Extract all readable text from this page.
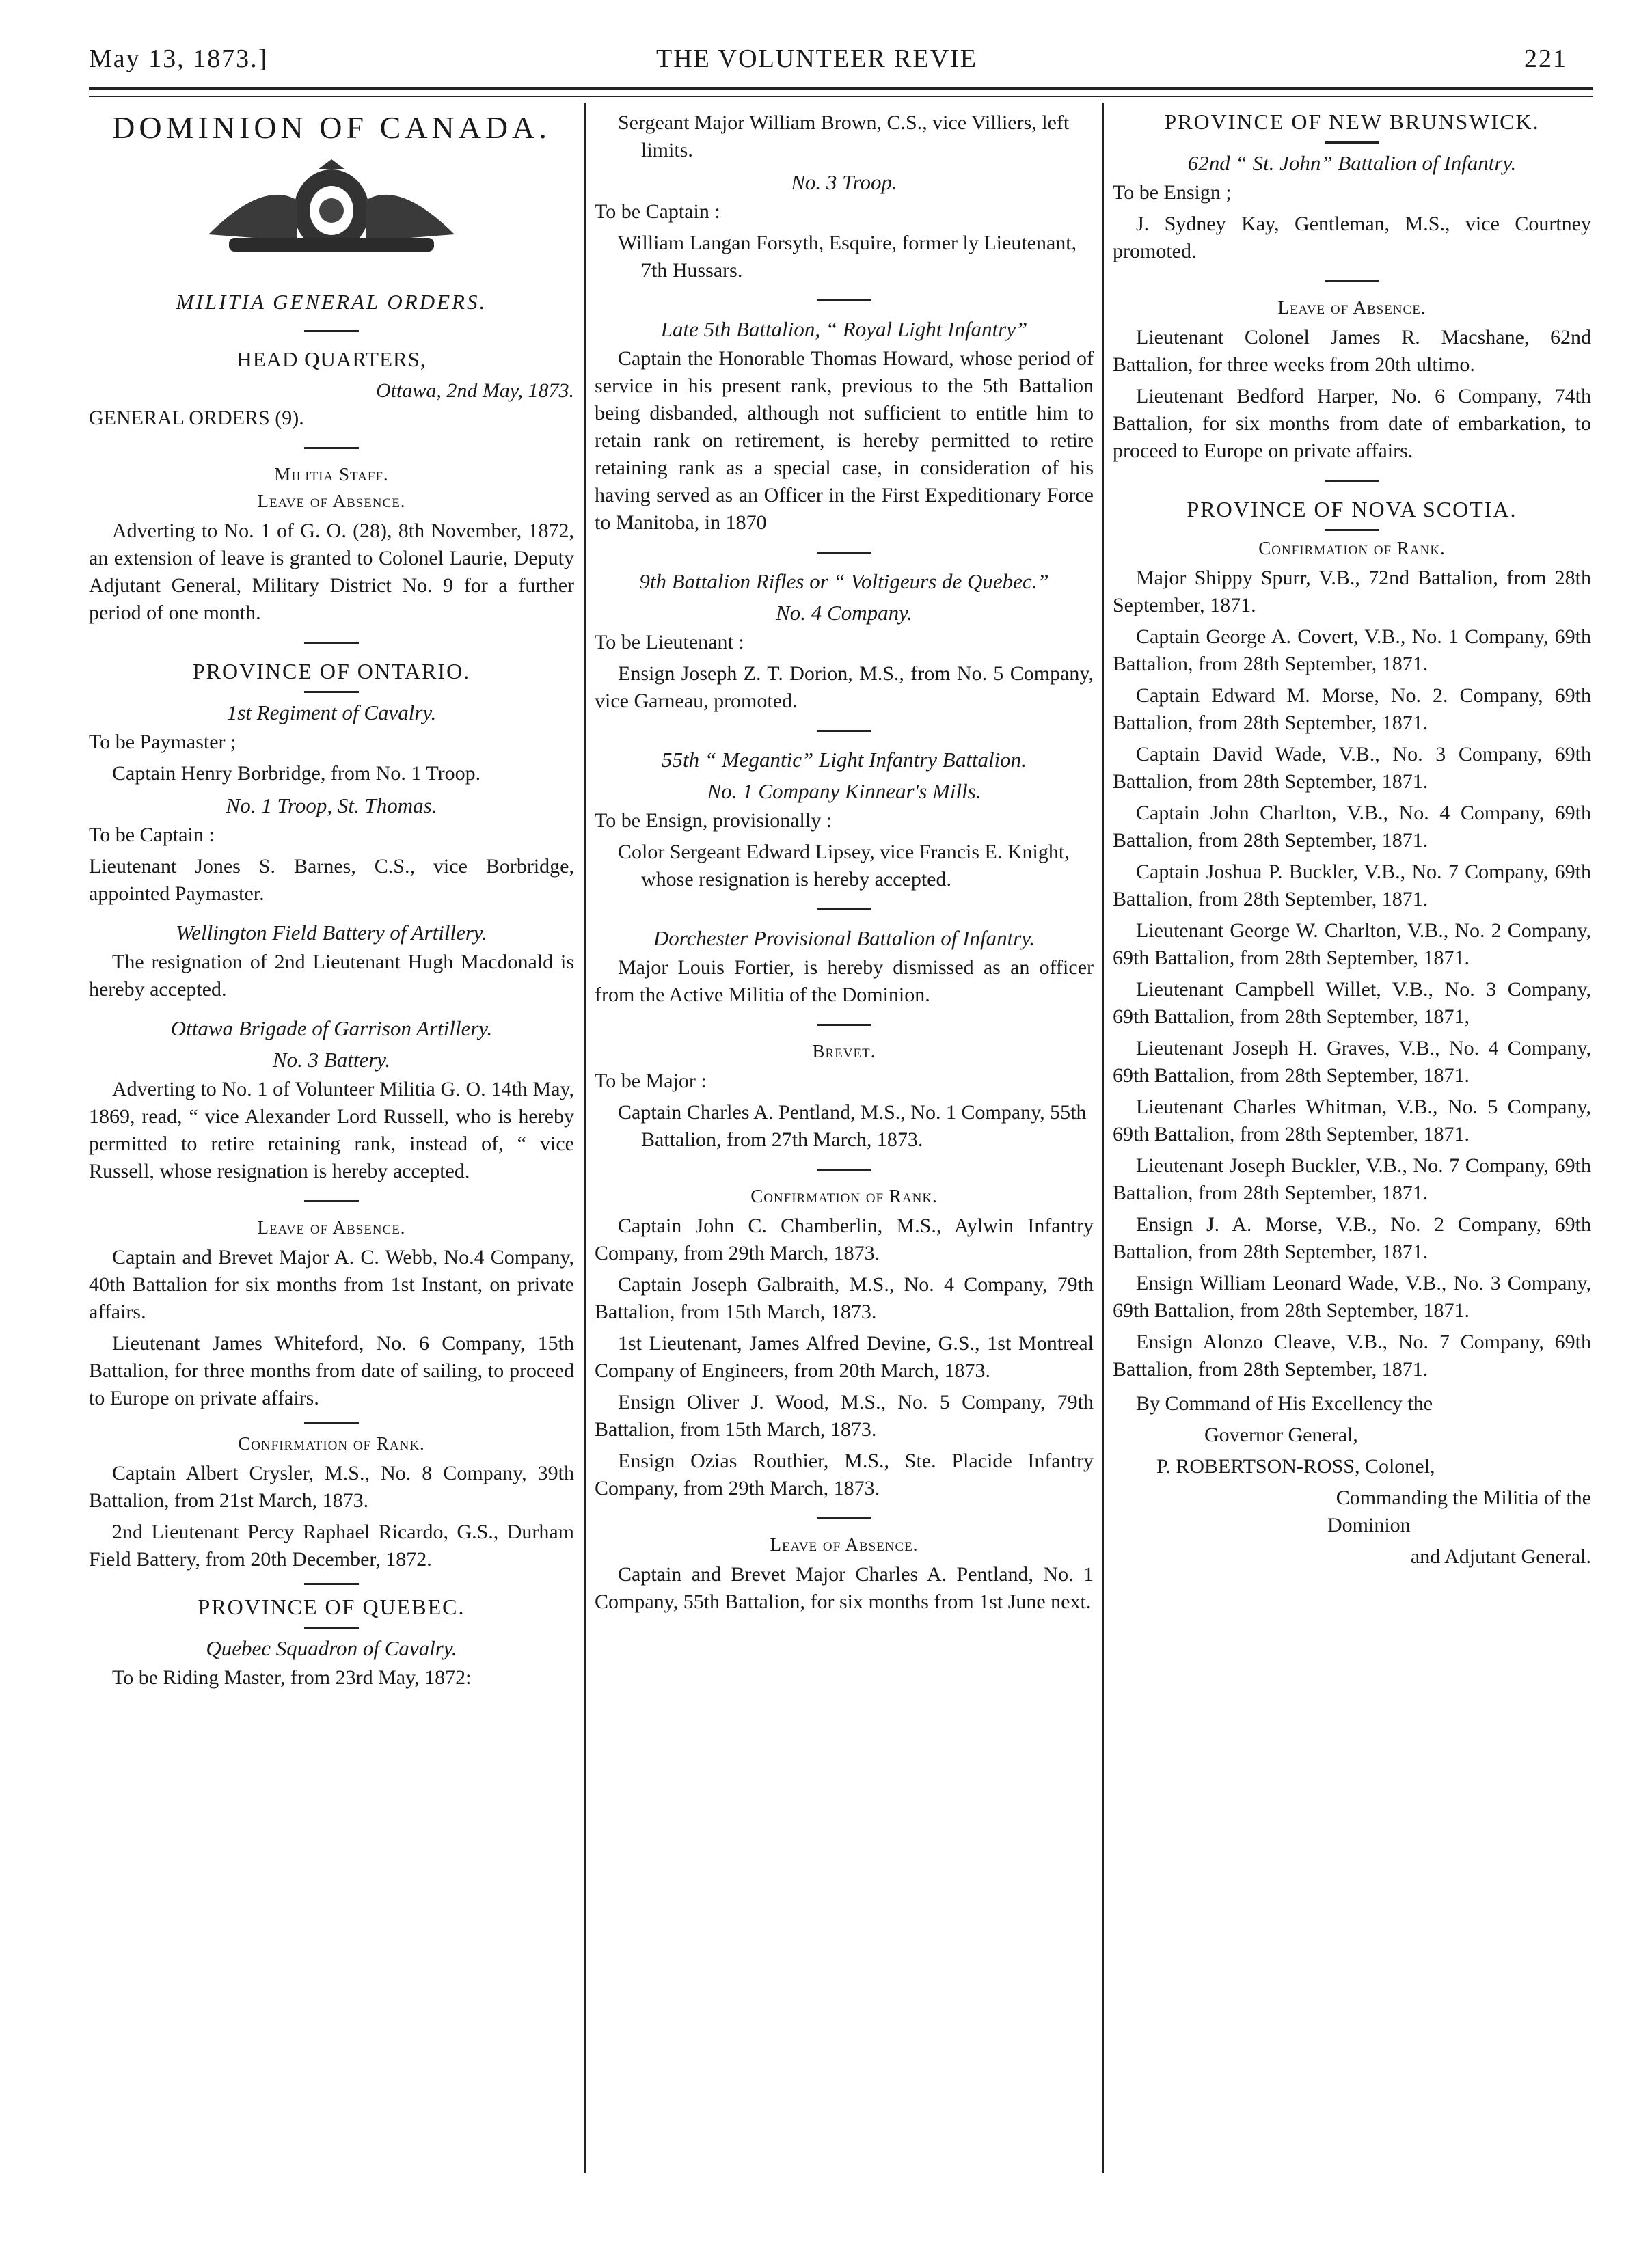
May 13, 1873.]	THE VOLUNTEER REVIE	221
DOMINION OF CANADA.
MILITIA GENERAL ORDERS.
HEAD QUARTERS,
Ottawa, 2nd May, 1873.
GENERAL ORDERS (9).
Militia Staff.
Leave of Absence.

Adverting to No. 1 of G. O. (28), 8th November, 1872, an extension of leave is granted to Colonel Laurie, Deputy Adjutant General, Military District No. 9 for a further period of one month.

PROVINCE OF ONTARIO.
1st Regiment of Cavalry.

To be Paymaster ;

Captain Henry Borbridge, from No. 1 Troop.

No. 1 Troop, St. Thomas.

To be Captain :

Lieutenant Jones S. Barnes, C.S., vice Borbridge, appointed Paymaster.

Wellington Field Battery of Artillery.

The resignation of 2nd Lieutenant Hugh Macdonald is hereby accepted.

Ottawa Brigade of Garrison Artillery.
No. 3 Battery.

Adverting to No. 1 of Volunteer Militia G. O. 14th May, 1869, read, “ vice Alexander Lord Russell, who is hereby permitted to retire retaining rank, instead of, “ vice Russell, whose resignation is hereby accepted.

Leave of Absence.

Captain and Brevet Major A. C. Webb, No.4 Company, 40th Battalion for six months from 1st Instant, on private affairs.

Lieutenant James Whiteford, No. 6 Company, 15th Battalion, for three months from date of sailing, to proceed to Europe on private affairs.

Confirmation of Rank.

Captain Albert Crysler, M.S., No. 8 Company, 39th Battalion, from 21st March, 1873.

2nd Lieutenant Percy Raphael Ricardo, G.S., Durham Field Battery, from 20th December, 1872.

PROVINCE OF QUEBEC.
Quebec Squadron of Cavalry.

To be Riding Master, from 23rd May, 1872:

Sergeant Major William Brown, C.S., vice Villiers, left limits.

No. 3 Troop.

To be Captain :

William Langan Forsyth, Esquire, former ly Lieutenant, 7th Hussars.

Late 5th Battalion, “ Royal Light Infantry”

Captain the Honorable Thomas Howard, whose period of service in his present rank, previous to the 5th Battalion being disbanded, although not sufficient to entitle him to retain rank on retirement, is hereby permitted to retire retaining rank as a special case, in consideration of his having served as an Officer in the First Expeditionary Force to Manitoba, in 1870

9th Battalion Rifles or “ Voltigeurs de Quebec.”
No. 4 Company.

To be Lieutenant :

Ensign Joseph Z. T. Dorion, M.S., from No. 5 Company, vice Garneau, promoted.

55th “ Megantic” Light Infantry Battalion.
No. 1 Company Kinnear's Mills.

To be Ensign, provisionally :

Color Sergeant Edward Lipsey, vice Francis E. Knight, whose resignation is hereby accepted.

Dorchester Provisional Battalion of Infantry.

Major Louis Fortier, is hereby dismissed as an officer from the Active Militia of the Dominion.

Brevet.

To be Major :

Captain Charles A. Pentland, M.S., No. 1 Company, 55th Battalion, from 27th March, 1873.

Confirmation of Rank.

Captain John C. Chamberlin, M.S., Aylwin Infantry Company, from 29th March, 1873.

Captain Joseph Galbraith, M.S., No. 4 Company, 79th Battalion, from 15th March, 1873.

1st Lieutenant, James Alfred Devine, G.S., 1st Montreal Company of Engineers, from 20th March, 1873.

Ensign Oliver J. Wood, M.S., No. 5 Company, 79th Battalion, from 15th March, 1873.

Ensign Ozias Routhier, M.S., Ste. Placide Infantry Company, from 29th March, 1873.

Leave of Absence.

Captain and Brevet Major Charles A. Pentland, No. 1 Company, 55th Battalion, for six months from 1st June next.

PROVINCE OF NEW BRUNSWICK.
62nd “ St. John” Battalion of Infantry.

To be Ensign ;

J. Sydney Kay, Gentleman, M.S., vice Courtney promoted.

Leave of Absence.

Lieutenant Colonel James R. Macshane, 62nd Battalion, for three weeks from 20th ultimo.

Lieutenant Bedford Harper, No. 6 Company, 74th Battalion, for six months from date of embarkation, to proceed to Europe on private affairs.

PROVINCE OF NOVA SCOTIA.
Confirmation of Rank.

Major Shippy Spurr, V.B., 72nd Battalion, from 28th September, 1871.

Captain George A. Covert, V.B., No. 1 Company, 69th Battalion, from 28th September, 1871.

Captain Edward M. Morse, No. 2. Company, 69th Battalion, from 28th September, 1871.

Captain David Wade, V.B., No. 3 Company, 69th Battalion, from 28th September, 1871.

Captain John Charlton, V.B., No. 4 Company, 69th Battalion, from 28th September, 1871.

Captain Joshua P. Buckler, V.B., No. 7 Company, 69th Battalion, from 28th September, 1871.

Lieutenant George W. Charlton, V.B., No. 2 Company, 69th Battalion, from 28th September, 1871.

Lieutenant Campbell Willet, V.B., No. 3 Company, 69th Battalion, from 28th September, 1871,

Lieutenant Joseph H. Graves, V.B., No. 4 Company, 69th Battalion, from 28th September, 1871.

Lieutenant Charles Whitman, V.B., No. 5 Company, 69th Battalion, from 28th September, 1871.

Lieutenant Joseph Buckler, V.B., No. 7 Company, 69th Battalion, from 28th September, 1871.

Ensign J. A. Morse, V.B., No. 2 Company, 69th Battalion, from 28th September, 1871.

Ensign William Leonard Wade, V.B., No. 3 Company, 69th Battalion, from 28th September, 1871.

Ensign Alonzo Cleave, V.B., No. 7 Company, 69th Battalion, from 28th September, 1871.

By Command of His Excellency the

Governor General,

P. ROBERTSON-ROSS, Colonel,

Commanding the Militia of the

Dominion

and Adjutant General.
